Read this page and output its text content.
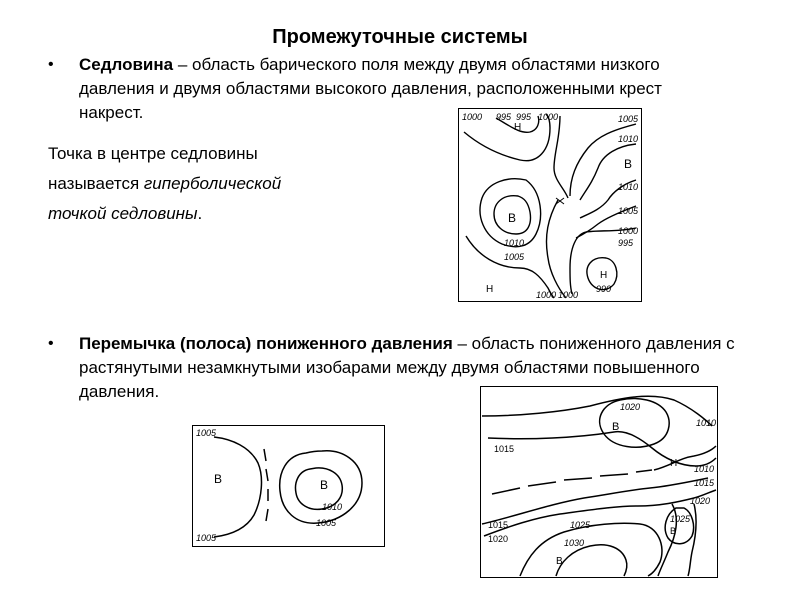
Промежуточные системы
• Седловина – область барического поля между двумя областями низкого давления и двумя областями высокого давления, расположенными крест накрест.
Точка в центре седловины
называется гиперболической
точкой седловины.
• Перемычка (полоса) пониженного давления – область пониженного давления с растянутыми незамкнутыми изобарами между двумя областями повышенного давления.
1000 995 995 1000
H
1005
1010
B
1010
1005
1000
995
B
1010
1005
H
H
990
1000 1000
1005
B	B
1010
1005
1005
1020
B	1010
1015
H 1010
1015
1020
1025
B
1015
1020
1025
1030
B
